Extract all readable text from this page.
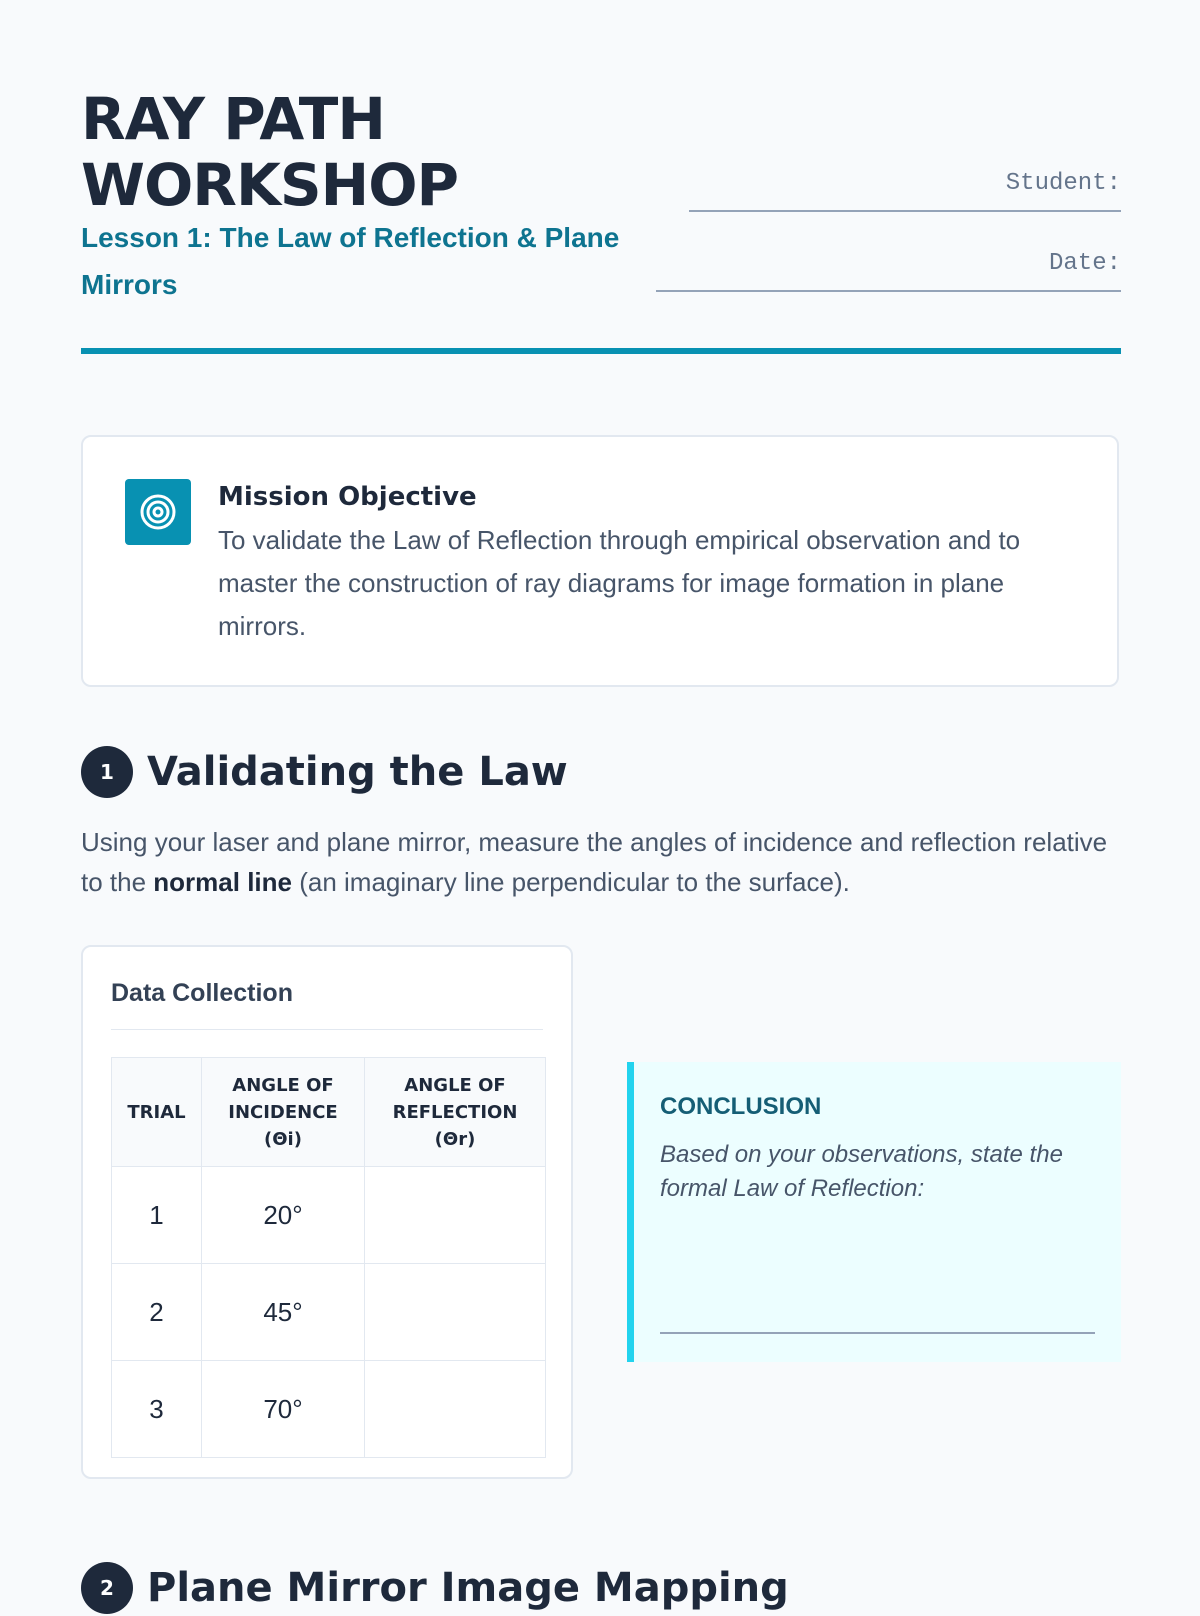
RAY PATH
WORKSHOP
Lesson 1: The Law of Reflection & Plane Mirrors
Student:
Date:
Mission Objective
To validate the Law of Reflection through empirical observation and to master the construction of ray diagrams for image formation in plane mirrors.
1 Validating the Law
Using your laser and plane mirror, measure the angles of incidence and reflection relative to the normal line (an imaginary line perpendicular to the surface).
Data Collection
TRIAL	ANGLE OF INCIDENCE (Θi)	ANGLE OF REFLECTION (Θr)
1	20°	
2	45°	
3	70°	
CONCLUSION
Based on your observations, state the formal Law of Reflection:
2 Plane Mirror Image Mapping
